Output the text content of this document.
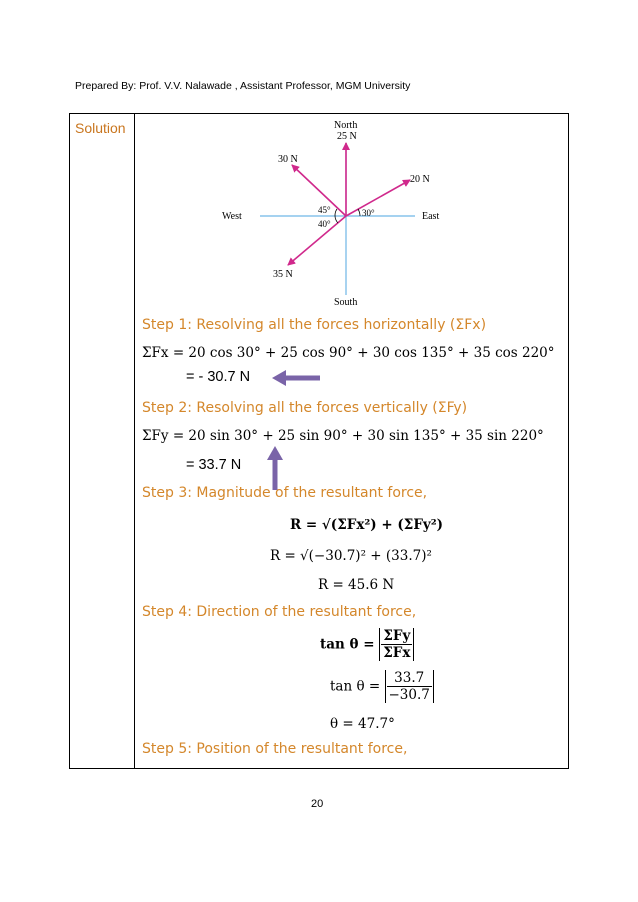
Prepared By: Prof. V.V. Nalawade , Assistant Professor, MGM University
Solution	North
25 N
30 N
20 N
West	East
45°
40°
30°
35 N
South
Step 1: Resolving all the forces horizontally (ΣFx)
ΣFx = 20 cos 30° + 25 cos 90° + 30 cos 135° + 35 cos 220°
= - 30.7 N
Step 2: Resolving all the forces vertically (ΣFy)
ΣFy = 20 sin 30° + 25 sin 90° + 30 sin 135° + 35 sin 220°
= 33.7 N
Step 3: Magnitude of the resultant force,
R = √(ΣFx²) + (ΣFy²)
R = √(−30.7)² + (33.7)²
R = 45.6 N
Step 4: Direction of the resultant force,
$\tan \theta = \frac{\text{ΣFy}}{\text{ΣFx}}$
$\tan \theta = \frac{33.7}{-30.7}$
θ = 47.7°
Step 5: Position of the resultant force,
20
